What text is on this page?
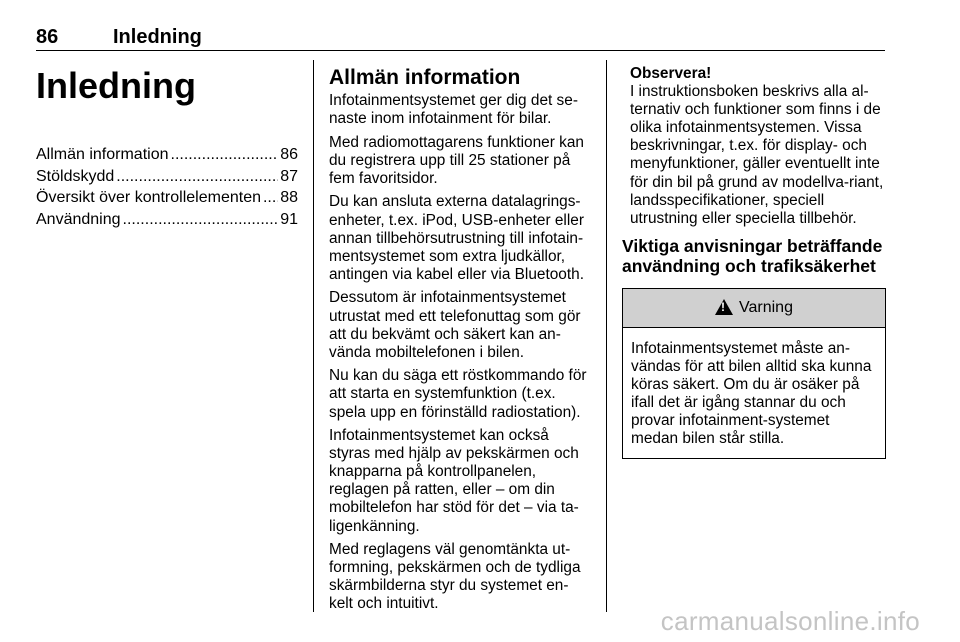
86	Inledning
Inledning
Allmän information .....	86
Stöldskydd .....	87
Översikt över kontrollelementen ..... 88
Användning .....	91
Allmän information

Infotainmentsystemet ger dig det se-naste inom infotainment för bilar.

Med radiomottagarens funktioner kan du registrera upp till 25 stationer på fem favoritsidor.

Du kan ansluta externa datalagrings-enheter, t.ex. iPod, USB-enheter eller annan tillbehörsutrustning till infotain-mentsystemet som extra ljudkällor, antingen via kabel eller via Bluetooth.

Dessutom är infotainmentsystemet utrustat med ett telefonuttag som gör att du bekvämt och säkert kan an-vända mobiltelefonen i bilen.

Nu kan du säga ett röstkommando för att starta en systemfunktion (t.ex. spela upp en förinställd radiostation).

Infotainmentsystemet kan också styras med hjälp av pekskärmen och knapparna på kontrollpanelen, reglagen på ratten, eller – om din mobiltelefon har stöd för det – via ta-ligenkänning.

Med reglagens väl genomtänkta ut-formning, pekskärmen och de tydliga skärmbilderna styr du systemet en-kelt och intuitivt.

Observera!
I instruktionsboken beskrivs alla al-ternativ och funktioner som finns i de olika infotainmentsystemen. Vissa beskrivningar, t.ex. för display- och menyfunktioner, gäller eventuellt inte för din bil på grund av modellva-riant, landsspecifikationer, speciell utrustning eller speciella tillbehör.
Viktiga anvisningar beträffande användning och trafiksäkerhet
!
Varning
Infotainmentsystemet måste an-vändas för att bilen alltid ska kunna köras säkert. Om du är osäker på ifall det är igång stannar du och provar infotainment-systemet medan bilen står stilla.
carmanualsonline.info
